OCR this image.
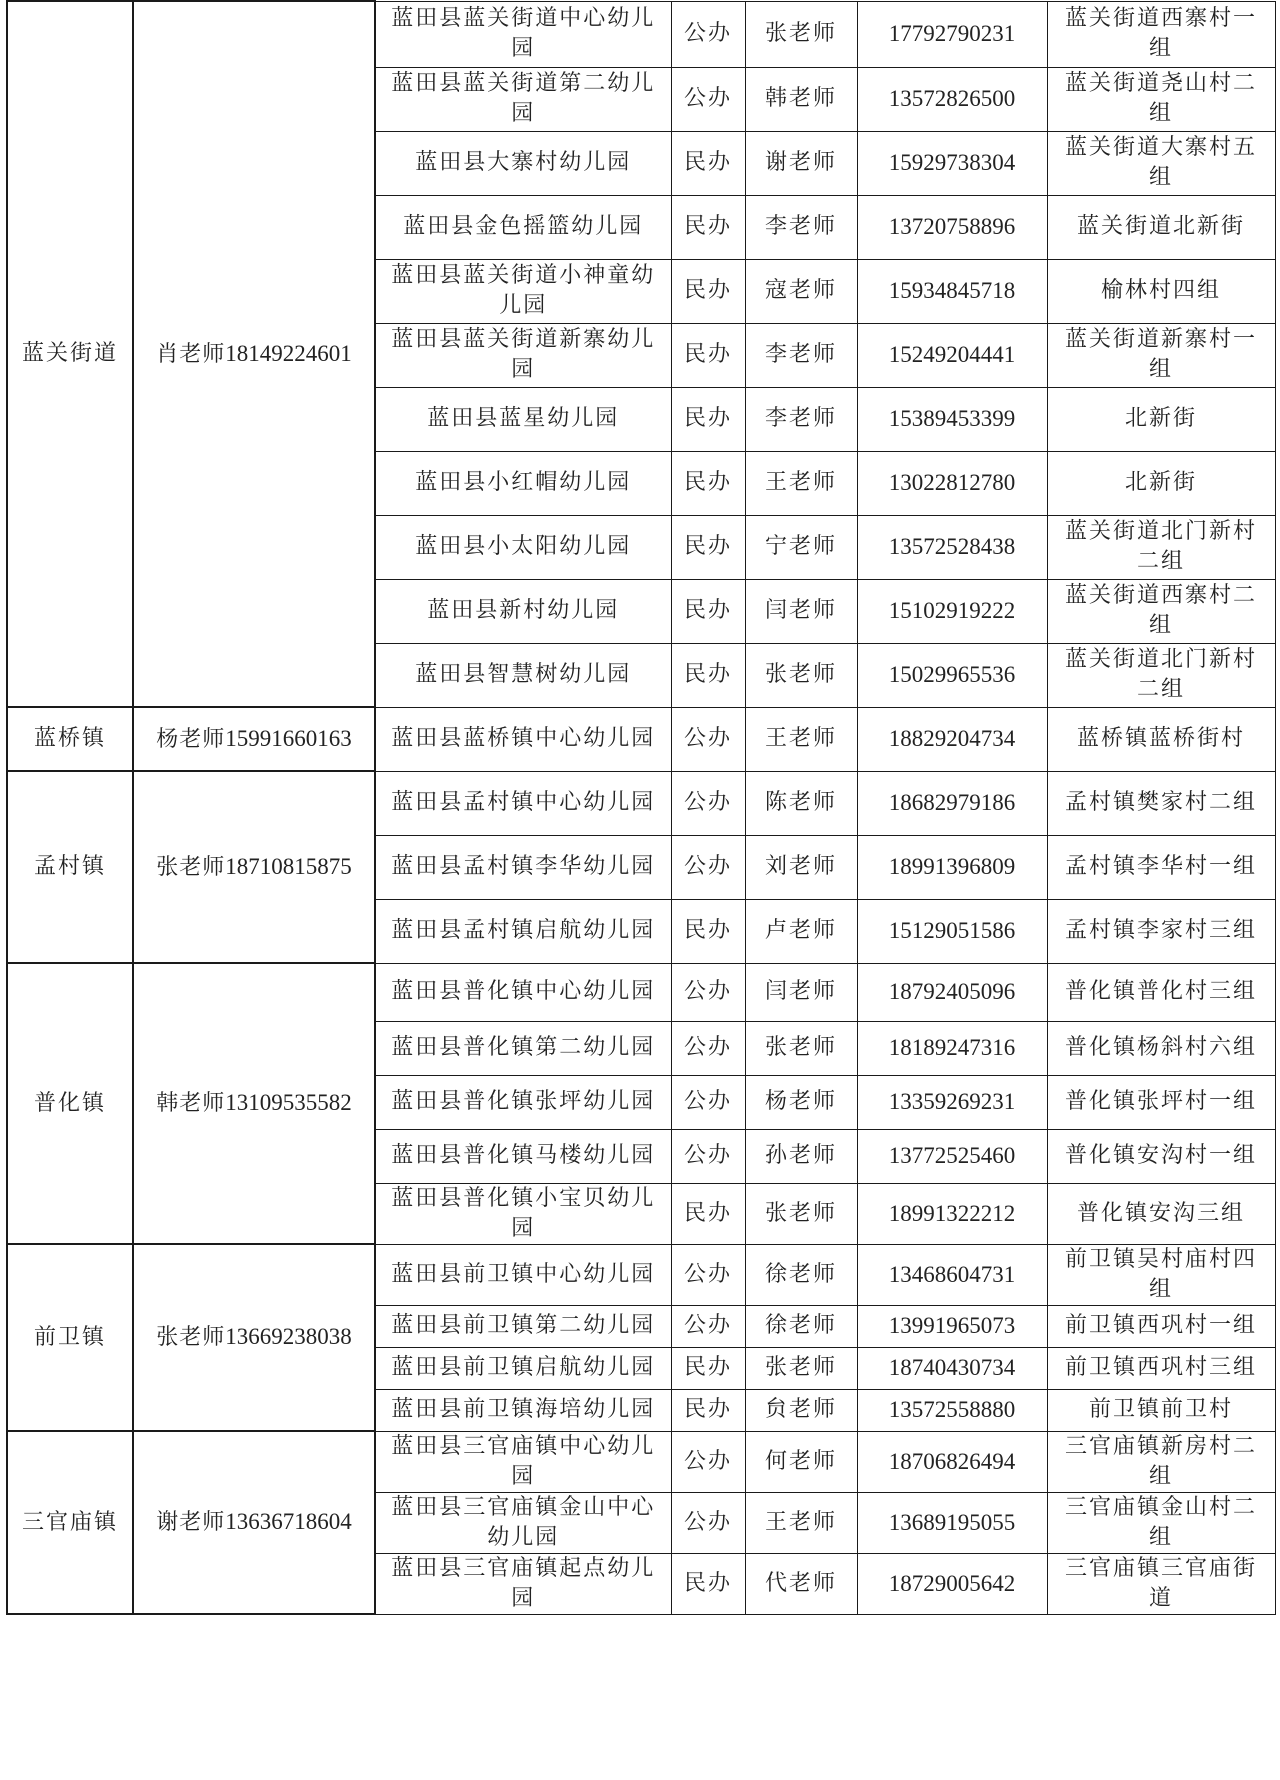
蓝关街道	肖老师18149224601	蓝田县蓝关街道中心幼儿园	公办	张老师	17792790231	蓝关街道西寨村一组
		蓝田县蓝关街道第二幼儿园	公办	韩老师	13572826500	蓝关街道尧山村二组
		蓝田县大寨村幼儿园	民办	谢老师	15929738304	蓝关街道大寨村五组
		蓝田县金色摇篮幼儿园	民办	李老师	13720758896	蓝关街道北新街
		蓝田县蓝关街道小神童幼儿园	民办	寇老师	15934845718	榆林村四组
		蓝田县蓝关街道新寨幼儿园	民办	李老师	15249204441	蓝关街道新寨村一组
		蓝田县蓝星幼儿园	民办	李老师	15389453399	北新街
		蓝田县小红帽幼儿园	民办	王老师	13022812780	北新街
		蓝田县小太阳幼儿园	民办	宁老师	13572528438	蓝关街道北门新村二组
		蓝田县新村幼儿园	民办	闫老师	15102919222	蓝关街道西寨村二组
		蓝田县智慧树幼儿园	民办	张老师	15029965536	蓝关街道北门新村二组
蓝桥镇	杨老师15991660163	蓝田县蓝桥镇中心幼儿园	公办	王老师	18829204734	蓝桥镇蓝桥街村
孟村镇	张老师18710815875	蓝田县孟村镇中心幼儿园	公办	陈老师	18682979186	孟村镇樊家村二组
		蓝田县孟村镇李华幼儿园	公办	刘老师	18991396809	孟村镇李华村一组
		蓝田县孟村镇启航幼儿园	民办	卢老师	15129051586	孟村镇李家村三组
普化镇	韩老师13109535582	蓝田县普化镇中心幼儿园	公办	闫老师	18792405096	普化镇普化村三组
		蓝田县普化镇第二幼儿园	公办	张老师	18189247316	普化镇杨斜村六组
		蓝田县普化镇张坪幼儿园	公办	杨老师	13359269231	普化镇张坪村一组
		蓝田县普化镇马楼幼儿园	公办	孙老师	13772525460	普化镇安沟村一组
		蓝田县普化镇小宝贝幼儿园	民办	张老师	18991322212	普化镇安沟三组
前卫镇	张老师13669238038	蓝田县前卫镇中心幼儿园	公办	徐老师	13468604731	前卫镇吴村庙村四组
		蓝田县前卫镇第二幼儿园	公办	徐老师	13991965073	前卫镇西巩村一组
		蓝田县前卫镇启航幼儿园	民办	张老师	18740430734	前卫镇西巩村三组
		蓝田县前卫镇海培幼儿园	民办	贠老师	13572558880	前卫镇前卫村
三官庙镇	谢老师13636718604	蓝田县三官庙镇中心幼儿园	公办	何老师	18706826494	三官庙镇新房村二组
		蓝田县三官庙镇金山中心幼儿园	公办	王老师	13689195055	三官庙镇金山村二组
		蓝田县三官庙镇起点幼儿园	民办	代老师	18729005642	三官庙镇三官庙街道
